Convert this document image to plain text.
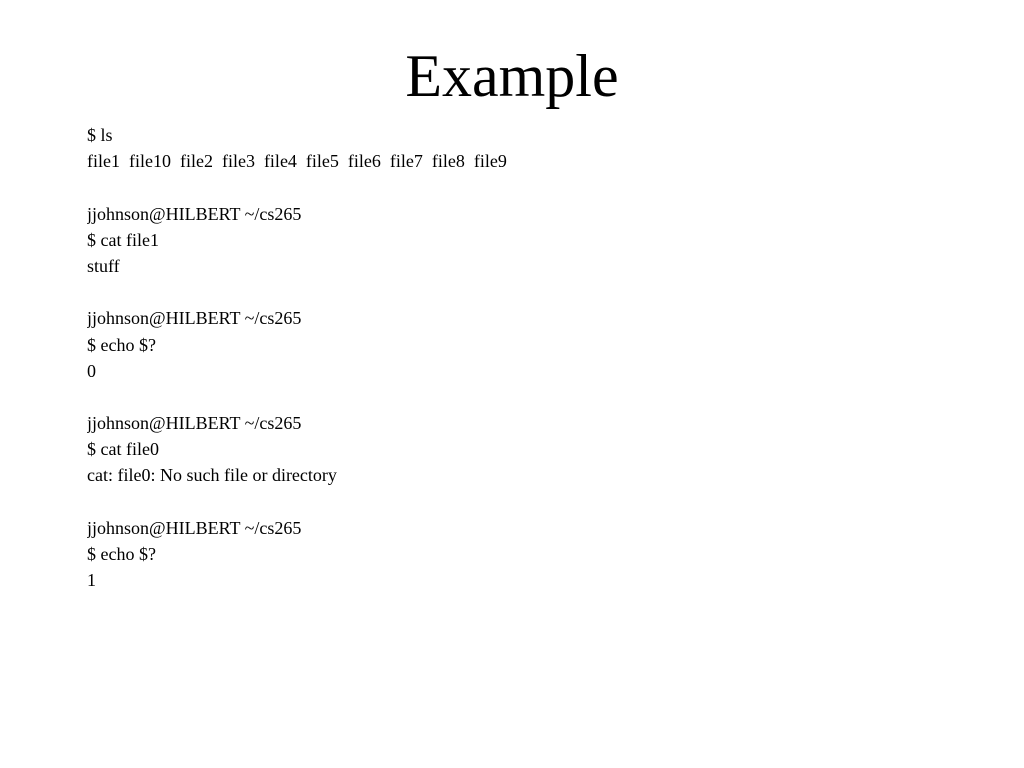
Example
$ ls
file1  file10  file2  file3  file4  file5  file6  file7  file8  file9
jjohnson@HILBERT ~/cs265
$ cat file1
stuff
jjohnson@HILBERT ~/cs265
$ echo $?
0
jjohnson@HILBERT ~/cs265
$ cat file0
cat: file0: No such file or directory
jjohnson@HILBERT ~/cs265
$ echo $?
1
